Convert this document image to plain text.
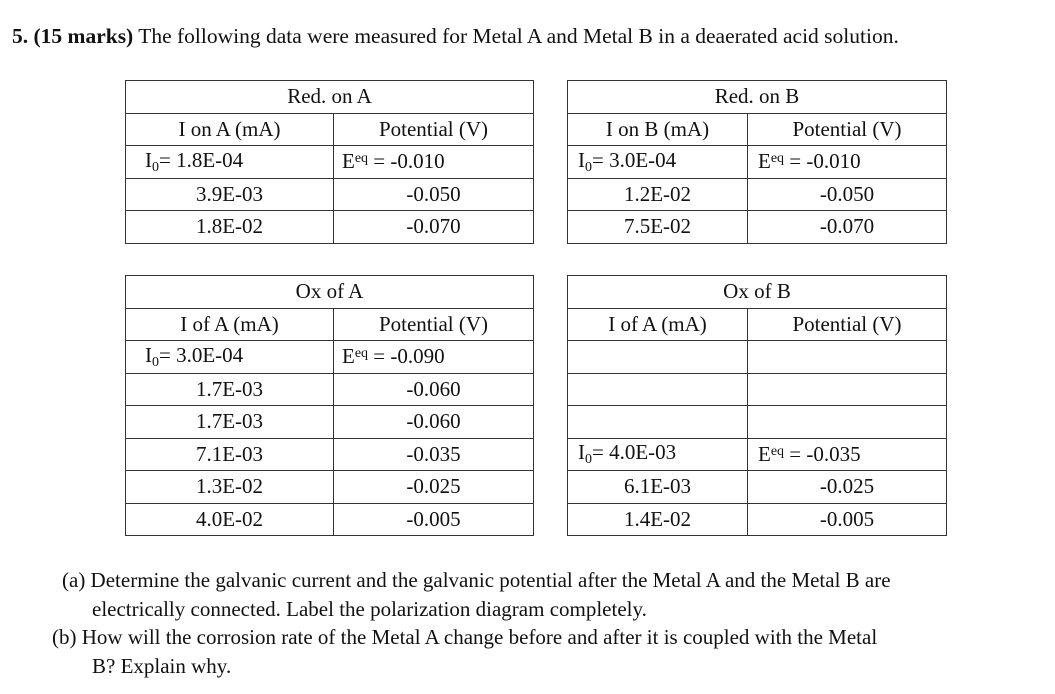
5. (15 marks) The following data were measured for Metal A and Metal B in a deaerated acid solution.
Red. on A	
I on A (mA)	Potential (V)
$I_0= 1.8E-04$	$E^{eq} = -0.010$
3.9E-03	-0.050
1.8E-02	-0.070
Red. on B	
I on B (mA)	Potential (V)
$I_0= 3.0E-04$	$E^{eq} = -0.010$
1.2E-02	-0.050
7.5E-02	-0.070
Ox of A	
I of A (mA)	Potential (V)
$I_0= 3.0E-04$	$E^{eq} = -0.090$
1.7E-03	-0.060
1.7E-03	-0.060
7.1E-03	-0.035
1.3E-02	-0.025
4.0E-02	-0.005
Ox of B	
I of A (mA)	Potential (V)

$I_0= 4.0E-03$	$E^{eq} = -0.035$
6.1E-03	-0.025
1.4E-02	-0.005
(a) Determine the galvanic current and the galvanic potential after the Metal A and the Metal B are
electrically connected. Label the polarization diagram completely.
(b) How will the corrosion rate of the Metal A change before and after it is coupled with the Metal
B? Explain why.
